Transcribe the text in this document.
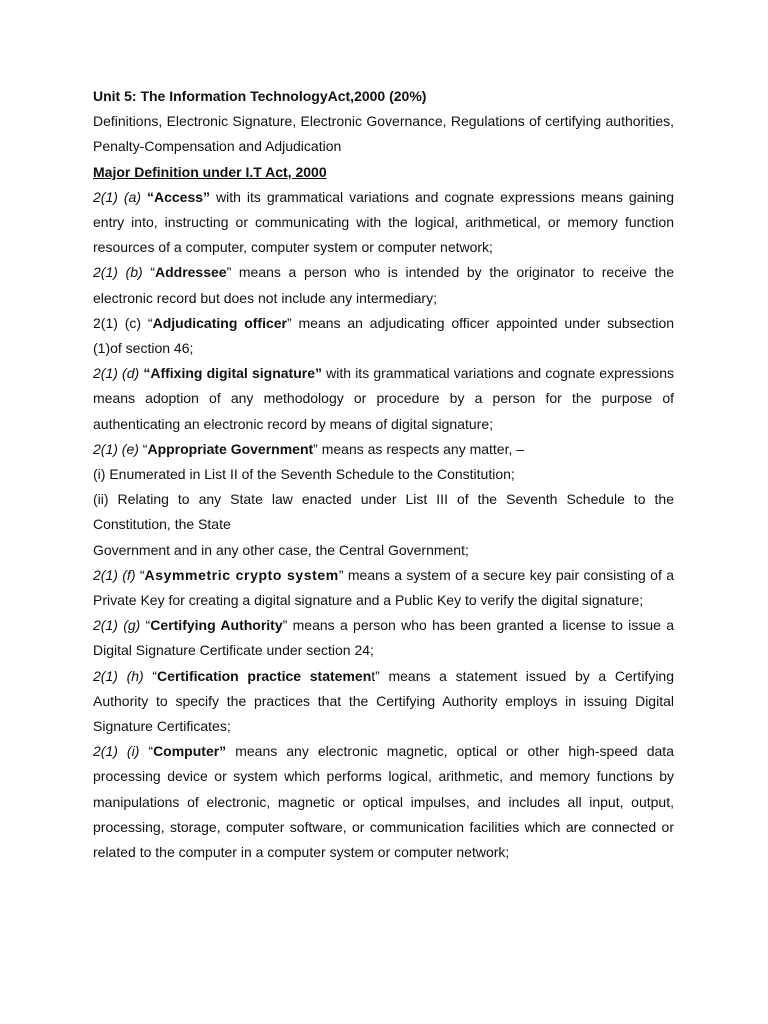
Unit 5: The Information TechnologyAct,2000 (20%)

Definitions, Electronic Signature, Electronic Governance, Regulations of certifying authorities, Penalty-Compensation and Adjudication

Major Definition under I.T Act, 2000

2(1) (a) “Access” with its grammatical variations and cognate expressions means gaining entry into, instructing or communicating with the logical, arithmetical, or memory function resources of a computer, computer system or computer network;

2(1) (b) “Addressee” means a person who is intended by the originator to receive the electronic record but does not include any intermediary;

2(1) (c) “Adjudicating officer” means an adjudicating officer appointed under subsection (1)of section 46;

2(1) (d) “Affixing digital signature” with its grammatical variations and cognate expressions means adoption of any methodology or procedure by a person for the purpose of authenticating an electronic record by means of digital signature;

2(1) (e) “Appropriate Government” means as respects any matter, –

(i) Enumerated in List II of the Seventh Schedule to the Constitution;

(ii) Relating to any State law enacted under List III of the Seventh Schedule to the Constitution, the State

Government and in any other case, the Central Government;

2(1) (f) “Asymmetric crypto system” means a system of a secure key pair consisting of a Private Key for creating a digital signature and a Public Key to verify the digital signature;

2(1) (g) “Certifying Authority” means a person who has been granted a license to issue a Digital Signature Certificate under section 24;

2(1) (h) “Certification practice statement” means a statement issued by a Certifying Authority to specify the practices that the Certifying Authority employs in issuing Digital Signature Certificates;

2(1) (i) “Computer” means any electronic magnetic, optical or other high-speed data processing device or system which performs logical, arithmetic, and memory functions by manipulations of electronic, magnetic or optical impulses, and includes all input, output, processing, storage, computer software, or communication facilities which are connected or related to the computer in a computer system or computer network;
